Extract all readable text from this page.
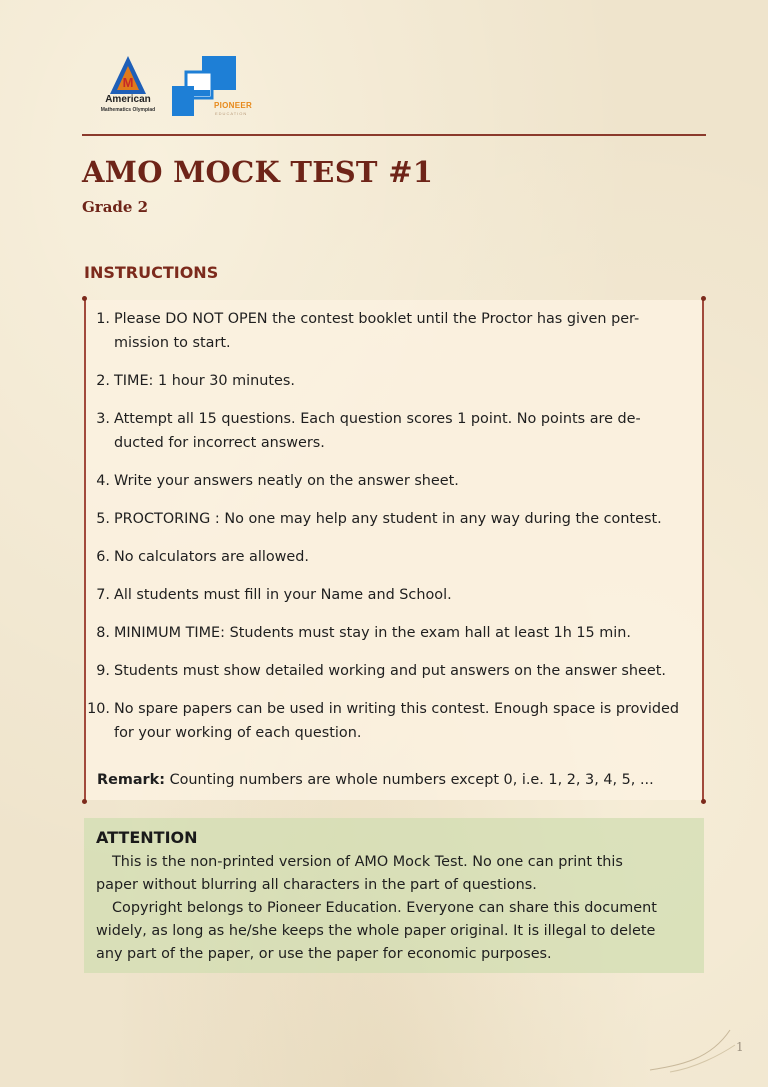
M
American
Mathematics Olympiad	PIONEER
EDUCATION
AMO MOCK TEST #1
Grade 2
INSTRUCTIONS
1. Please DO NOT OPEN the contest booklet until the Proctor has given per-
mission to start.
2. TIME: 1 hour 30 minutes.
3. Attempt all 15 questions. Each question scores 1 point. No points are de-
ducted for incorrect answers.
4. Write your answers neatly on the answer sheet.
5. PROCTORING : No one may help any student in any way during the contest.
6. No calculators are allowed.
7. All students must fill in your Name and School.
8. MINIMUM TIME: Students must stay in the exam hall at least 1h 15 min.
9. Students must show detailed working and put answers on the answer sheet.
10. No spare papers can be used in writing this contest. Enough space is provided
for your working of each question.
Remark: Counting numbers are whole numbers except 0, i.e. 1, 2, 3, 4, 5, ...
ATTENTION

This is the non-printed version of AMO Mock Test. No one can print this
paper without blurring all characters in the part of questions.

Copyright belongs to Pioneer Education. Everyone can share this document
widely, as long as he/she keeps the whole paper original. It is illegal to delete
any part of the paper, or use the paper for economic purposes.

1
